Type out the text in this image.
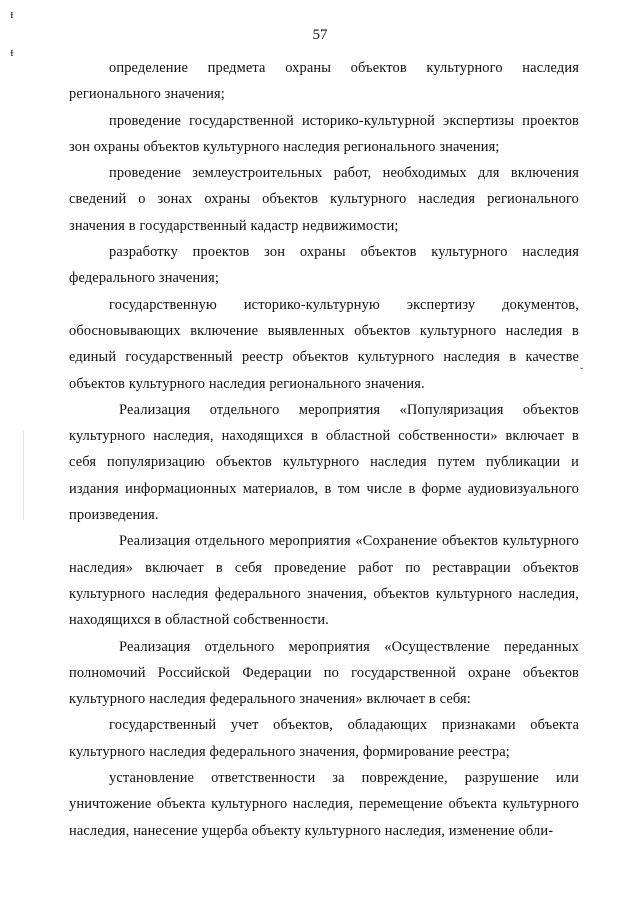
57
ᵻ
ᵻ
ˇ

определение предмета охраны объектов культурного наследия регионального значения;

проведение государственной историко-культурной экспертизы проектов зон охраны объектов культурного наследия регионального значения;

проведение землеустроительных работ, необходимых для включения сведений о зонах охраны объектов культурного наследия регионального значения в государственный кадастр недвижимости;

разработку проектов зон охраны объектов культурного наследия федерального значения;

государственную историко-культурную экспертизу документов, обосновывающих включение выявленных объектов культурного наследия в единый государственный реестр объектов культурного наследия в качестве объектов культурного наследия регионального значения.

Реализация отдельного мероприятия «Популяризация объектов культурного наследия, находящихся в областной собственности» включает в себя популяризацию объектов культурного наследия путем публикации и издания информационных материалов, в том числе в форме аудиовизуального произведения.

Реализация отдельного мероприятия «Сохранение объектов культурного наследия» включает в себя проведение работ по реставрации объектов культурного наследия федерального значения, объектов культурного наследия, находящихся в областной собственности.

Реализация отдельного мероприятия «Осуществление переданных полномочий Российской Федерации по государственной охране объектов культурного наследия федерального значения» включает в себя:

государственный учет объектов, обладающих признаками объекта культурного наследия федерального значения, формирование реестра;

установление ответственности за повреждение, разрушение или уничтожение объекта культурного наследия, перемещение объекта культурного наследия, нанесение ущерба объекту культурного наследия, изменение обли-
